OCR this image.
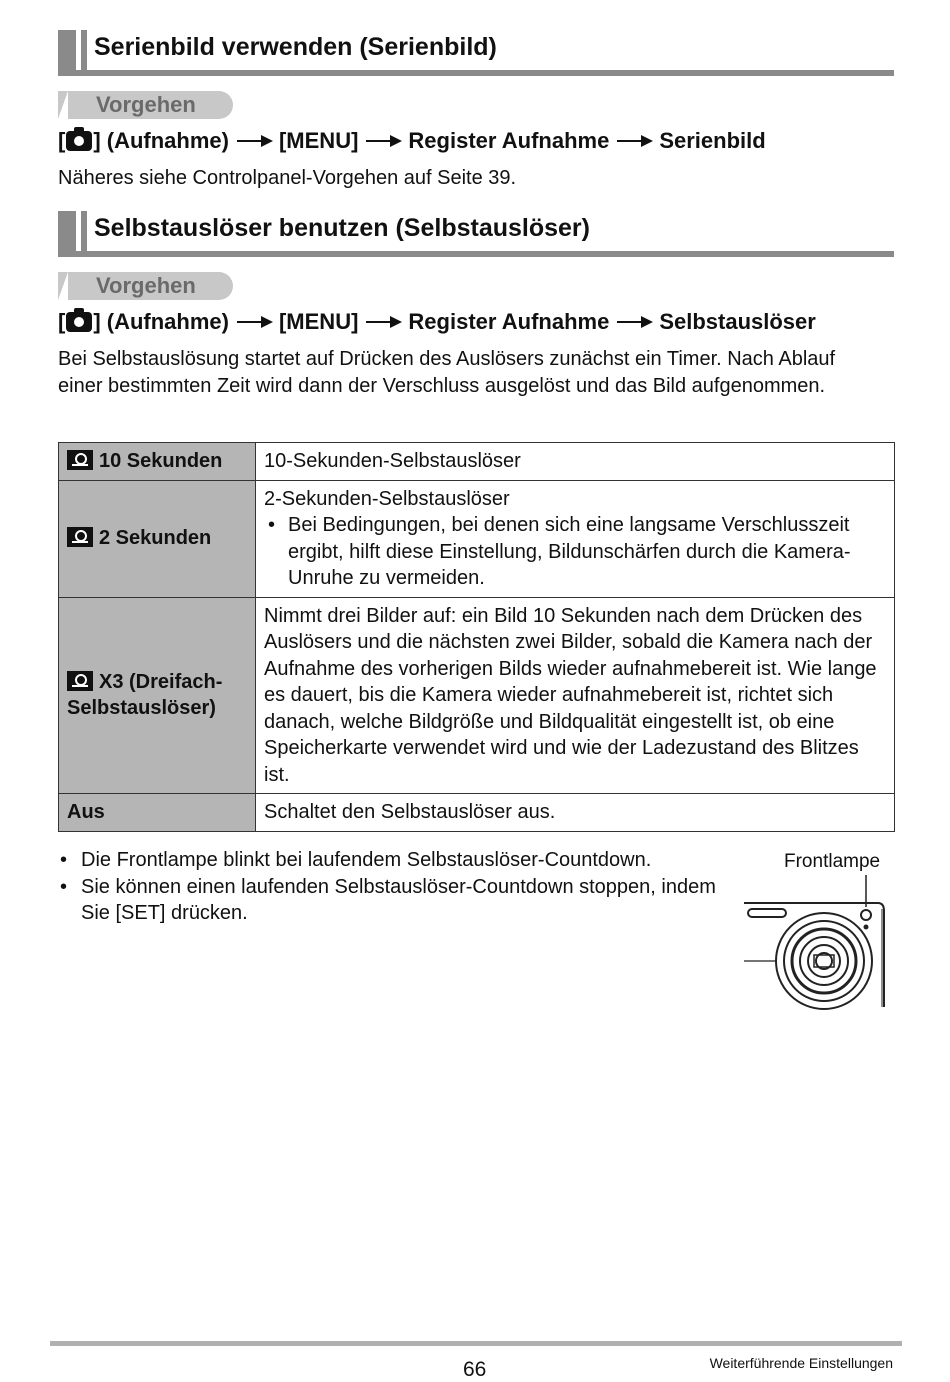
Serienbild verwenden (Serienbild)
Vorgehen
[ ] (Aufnahme) [MENU] Register Aufnahme Serienbild
Näheres siehe Controlpanel-Vorgehen auf Seite 39.
Selbstauslöser benutzen (Selbstauslöser)
Vorgehen
[ ] (Aufnahme) [MENU] Register Aufnahme Selbstauslöser
Bei Selbstauslösung startet auf Drücken des Auslösers zunächst ein Timer. Nach Ablauf einer bestimmten Zeit wird dann der Verschluss ausgelöst und das Bild aufgenommen.
10 Sekunden	10-Sekunden-Selbstauslöser
2 Sekunden	2-Sekunden-Selbstauslöser
• Bei Bedingungen, bei denen sich eine langsame Verschlusszeit ergibt, hilft diese Einstellung, Bildunschärfen durch die Kamera-Unruhe zu vermeiden.

X3 (Dreifach-
Selbstauslöser)	Nimmt drei Bilder auf: ein Bild 10 Sekunden nach dem Drücken des Auslösers und die nächsten zwei Bilder, sobald die Kamera nach der Aufnahme des vorherigen Bilds wieder aufnahmebereit ist. Wie lange es dauert, bis die Kamera wieder aufnahmebereit ist, richtet sich danach, welche Bildgröße und Bildqualität eingestellt ist, ob eine Speicherkarte verwendet wird und wie der Ladezustand des Blitzes ist.
Aus	Schaltet den Selbstauslöser aus.
• Die Frontlampe blinkt bei laufendem Selbstauslöser-Countdown.
• Sie können einen laufenden Selbstauslöser-Countdown stoppen, indem Sie [SET] drücken.
Frontlampe
66	Weiterführende Einstellungen
